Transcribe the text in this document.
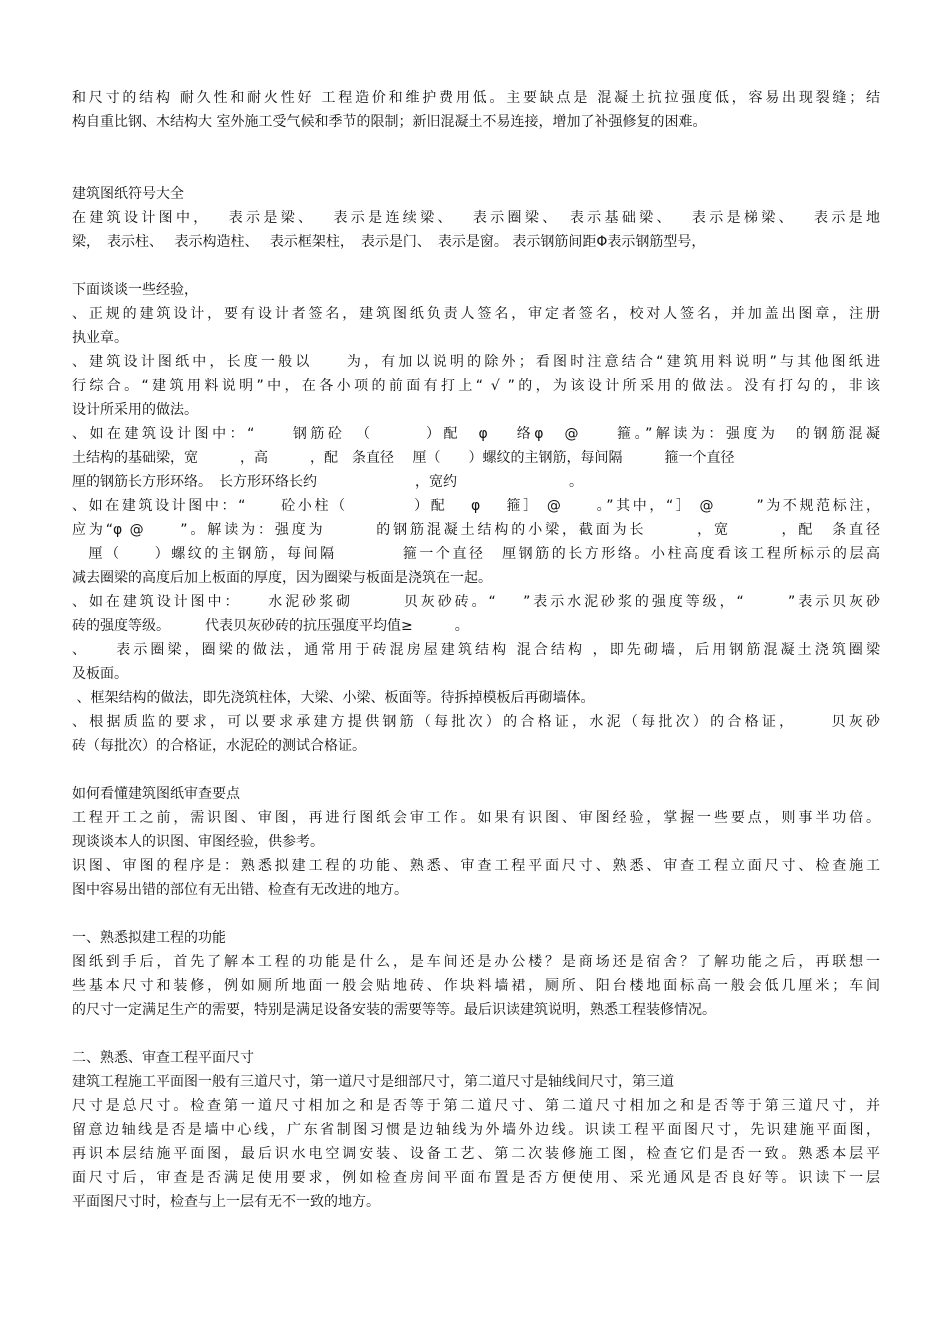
和尺寸的结构 耐久性和耐火性好 工程造价和维护费用低。主要缺点是 混凝土抗拉强度低，容易出现裂缝；结
构自重比钢、木结构大 室外施工受气候和季节的限制；新旧混凝土不易连接，增加了补强修复的困难。
建筑图纸符号大全
在建筑设计图中，　 表示是梁、　 表示是连续梁、　 表示圈梁、　表示基础梁、　 表示是梯梁、　 表示是地
梁，　表示柱、　 表示构造柱、　 表示框架柱，　表示是门、　表示是窗。 表示钢筋间距Φ表示钢筋型号，
下面谈谈一些经验，
、正规的建筑设计，要有设计者签名，建筑图纸负责人签名，审定者签名，校对人签名，并加盖出图章，注册
执业章。
、建筑设计图纸中，长度一般以　　为，有加以说明的除外；看图时注意结合“建筑用料说明”与其他图纸进
行综合。“建筑用料说明”中，在各小项的前面有打上“ √ ”的，为该设计所采用的做法。没有打勾的，非该
设计所采用的做法。
、如在建筑设计图中：“　　钢筋砼　（　　　）配　φ　 络φ　@　　箍。”解读为：强度为　的钢筋混凝
土结构的基础梁，宽　　　，高　　　，配　条直径　 厘（　　）螺纹的主钢筋，每间隔　　　箍一个直径
厘的钢筋长方形环络。　长方形环络长约　　　　　　　，宽约　　　　　　　　。
、如在建筑设计图中：“　　砼小柱（　　　　）配　 φ　 箍］ @　　。”其中，“］ @　　 ”为不规范标注，
应为“φ @　　”。解读为：强度为　　　的钢筋混凝土结构的小梁，截面为长　　　，宽　　　，配　条直径
　厘（　　）螺纹的主钢筋，每间隔　　　　箍一个直径　厘钢筋的长方形络。小柱高度看该工程所标示的层高
减去圈梁的高度后加上板面的厚度，因为圈梁与板面是浇筑在一起。
、如在建筑设计图中：　　水泥砂浆砌　　　贝灰砂砖。“　 ”表示水泥砂浆的强度等级，“　　 ”表示贝灰砂
砖的强度等级。　　　代表贝灰砂砖的抗压强度平均值≥　　　。
、　　表示圈梁，圈梁的做法，通常用于砖混房屋建筑结构 混合结构 ，即先砌墙，后用钢筋混凝土浇筑圈梁
及板面。
、框架结构的做法，即先浇筑柱体，大梁、小梁、板面等。待拆掉模板后再砌墙体。
、根据质监的要求，可以要求承建方提供钢筋（每批次）的合格证，水泥（每批次）的合格证，　　 贝灰砂
砖（每批次）的合格证，水泥砼的测试合格证。
如何看懂建筑图纸审查要点
工程开工之前，需识图、审图，再进行图纸会审工作。如果有识图、审图经验，掌握一些要点，则事半功倍。
现谈谈本人的识图、审图经验，供参考。
识图、审图的程序是：熟悉拟建工程的功能、熟悉、审查工程平面尺寸、熟悉、审查工程立面尺寸、检查施工
图中容易出错的部位有无出错、检查有无改进的地方。
一、熟悉拟建工程的功能
图纸到手后，首先了解本工程的功能是什么，是车间还是办公楼？是商场还是宿舍？了解功能之后，再联想一
些基本尺寸和装修，例如厕所地面一般会贴地砖、作块料墙裙，厕所、阳台楼地面标高一般会低几厘米；车间
的尺寸一定满足生产的需要，特别是满足设备安装的需要等等。最后识读建筑说明，熟悉工程装修情况。
二、熟悉、审查工程平面尺寸
建筑工程施工平面图一般有三道尺寸，第一道尺寸是细部尺寸，第二道尺寸是轴线间尺寸，第三道
尺寸是总尺寸。检查第一道尺寸相加之和是否等于第二道尺寸、第二道尺寸相加之和是否等于第三道尺寸，并
留意边轴线是否是墙中心线，广东省制图习惯是边轴线为外墙外边线。识读工程平面图尺寸，先识建施平面图，
再识本层结施平面图，最后识水电空调安装、设备工艺、第二次装修施工图，检查它们是否一致。熟悉本层平
面尺寸后，审查是否满足使用要求，例如检查房间平面布置是否方便使用、采光通风是否良好等。识读下一层
平面图尺寸时，检查与上一层有无不一致的地方。
